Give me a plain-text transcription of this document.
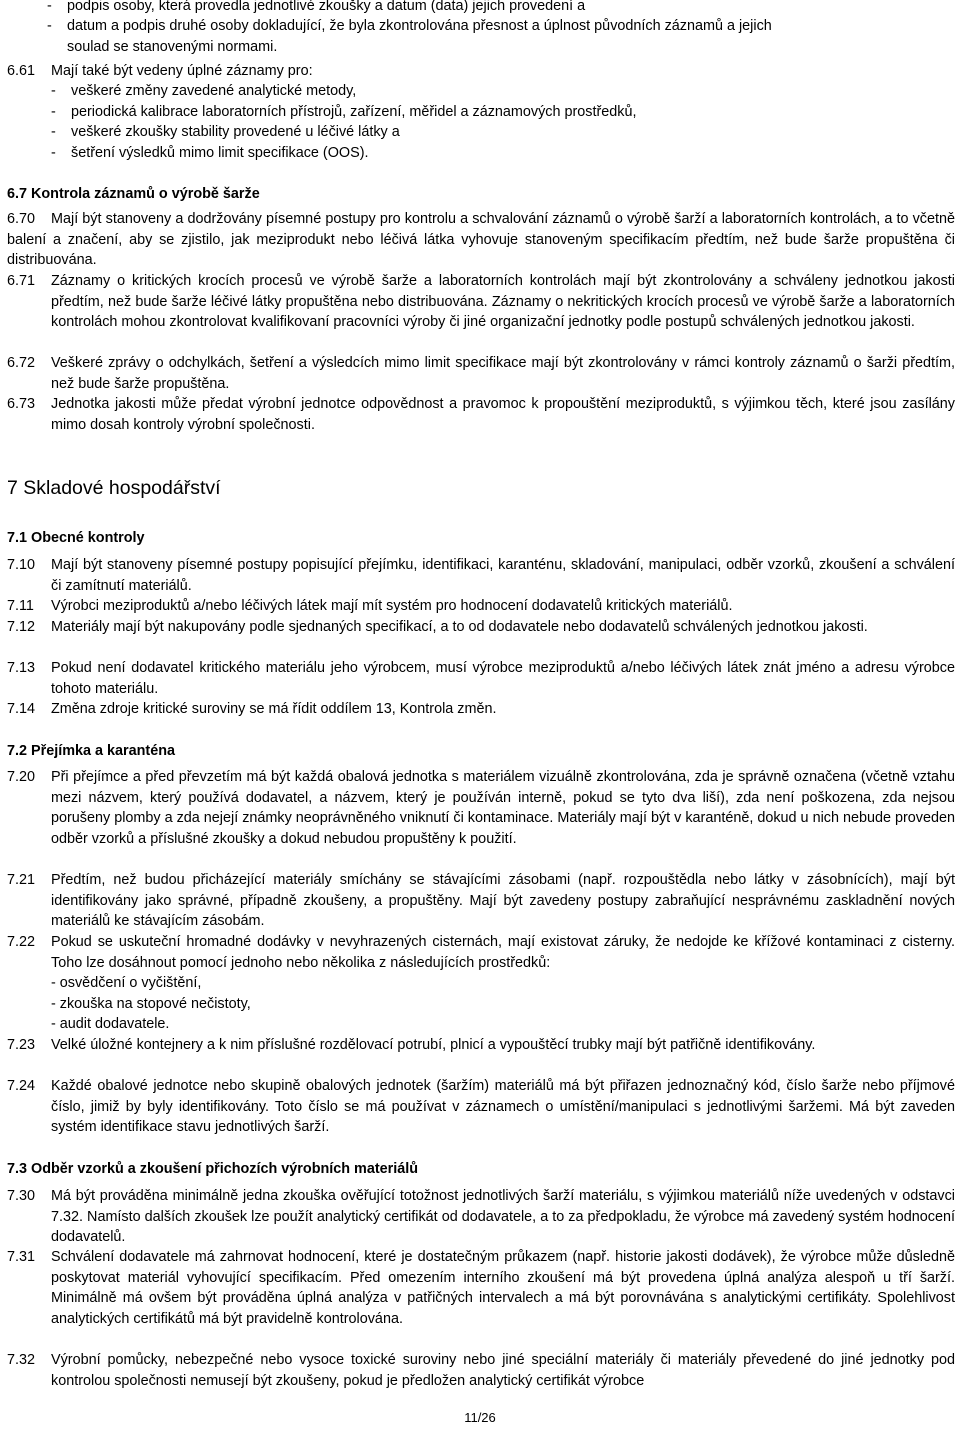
- podpis osoby, která provedla jednotlivé zkoušky a datum (data) jejich provedení a
- datum a podpis druhé osoby dokladující, že byla zkontrolována přesnost a úplnost původních záznamů a jejich
soulad se stanovenými normami.
6.61 Mají také být vedeny úplné záznamy pro:
- veškeré změny zavedené analytické metody,
- periodická kalibrace laboratorních přístrojů, zařízení, měřidel a záznamových prostředků,
- veškeré zkoušky stability provedené u léčivé látky a
- šetření výsledků mimo limit specifikace (OOS).
6.7 Kontrola záznamů o výrobě šarže
6.70	Mají být stanoveny a dodržovány písemné postupy pro kontrolu a schvalování záznamů o výrobě šarží a laboratorních kontrolách, a to včetně balení a značení, aby se zjistilo, jak meziprodukt nebo léčivá látka vyhovuje stanoveným specifikacím předtím, než bude šarže propuštěna či distribuována.
6.71 Záznamy o kritických krocích procesů ve výrobě šarže a laboratorních kontrolách mají být zkontrolovány a schváleny jednotkou jakosti předtím, než bude šarže léčivé látky propuštěna nebo distribuována. Záznamy o nekritických krocích procesů ve výrobě šarže a laboratorních kontrolách mohou zkontrolovat kvalifikovaní pracovníci výroby či jiné organizační jednotky podle postupů schválených jednotkou jakosti.
6.72 Veškeré zprávy o odchylkách, šetření a výsledcích mimo limit specifikace mají být zkontrolovány v rámci kontroly záznamů o šarži předtím, než bude šarže propuštěna.
6.73 Jednotka jakosti může předat výrobní jednotce odpovědnost a pravomoc k propouštění meziproduktů, s výjimkou těch, které jsou zasílány mimo dosah kontroly výrobní společnosti.
7 Skladové hospodářství
7.1 Obecné kontroly
7.10 Mají být stanoveny písemné postupy popisující přejímku, identifikaci, karanténu, skladování, manipulaci, odběr vzorků, zkoušení a schválení či zamítnutí materiálů.
7.11 Výrobci meziproduktů a/nebo léčivých látek mají mít systém pro hodnocení dodavatelů kritických materiálů.
7.12 Materiály mají být nakupovány podle sjednaných specifikací, a to od dodavatele nebo dodavatelů schválených jednotkou jakosti.
7.13 Pokud není dodavatel kritického materiálu jeho výrobcem, musí výrobce meziproduktů a/nebo léčivých látek znát jméno a adresu výrobce tohoto materiálu.
7.14 Změna zdroje kritické suroviny se má řídit oddílem 13, Kontrola změn.
7.2 Přejímka a karanténa
7.20 Při přejímce a před převzetím má být každá obalová jednotka s materiálem vizuálně zkontrolována, zda je správně označena (včetně vztahu mezi názvem, který používá dodavatel, a názvem, který je používán interně, pokud se tyto dva liší), zda není poškozena, zda nejsou porušeny plomby a zda nejejí známky neoprávněného vniknutí či kontaminace. Materiály mají být v karanténě, dokud u nich nebude proveden odběr vzorků a příslušné zkoušky a dokud nebudou propuštěny k použití.
7.21 Předtím, než budou přicházející materiály smíchány se stávajícími zásobami (např. rozpouštědla nebo látky v zásobnících), mají být identifikovány jako správné, případně zkoušeny, a propuštěny. Mají být zavedeny postupy zabraňující nesprávnému zaskladnění nových materiálů ke stávajícím zásobám.
7.22 Pokud se uskuteční hromadné dodávky v nevyhrazených cisternách, mají existovat záruky, že nedojde ke křížové kontaminaci z cisterny. Toho lze dosáhnout pomocí jednoho nebo několika z následujících prostředků:
- osvědčení o vyčištění,
- zkouška na stopové nečistoty,
- audit dodavatele.
7.23 Velké úložné kontejnery a k nim příslušné rozdělovací potrubí, plnicí a vypouštěcí trubky mají být patřičně identifikovány.
7.24 Každé obalové jednotce nebo skupině obalových jednotek (šaržím) materiálů má být přiřazen jednoznačný kód, číslo šarže nebo příjmové číslo, jimiž by byly identifikovány. Toto číslo se má používat v záznamech o umístění/manipulaci s jednotlivými šaržemi. Má být zaveden systém identifikace stavu jednotlivých šarží.
7.3 Odběr vzorků a zkoušení přichozích výrobních materiálů
7.30 Má být prováděna minimálně jedna zkouška ověřující totožnost jednotlivých šarží materiálu, s výjimkou materiálů níže uvedených v odstavci 7.32. Namísto dalších zkoušek lze použít analytický certifikát od dodavatele, a to za předpokladu, že výrobce má zavedený systém hodnocení dodavatelů.
7.31 Schválení dodavatele má zahrnovat hodnocení, které je dostatečným průkazem (např. historie jakosti dodávek), že výrobce může důsledně poskytovat materiál vyhovující specifikacím. Před omezením interního zkoušení má být provedena úplná analýza alespoň u tří šarží. Minimálně má ovšem být prováděna úplná analýza v patřičných intervalech a má být porovnávána s analytickými certifikáty. Spolehlivost analytických certifikátů má být pravidelně kontrolována.
7.32 Výrobní pomůcky, nebezpečné nebo vysoce toxické suroviny nebo jiné speciální materiály či materiály převedené do jiné jednotky pod kontrolou společnosti nemusejí být zkoušeny, pokud je předložen analytický certifikát výrobce
11/26
